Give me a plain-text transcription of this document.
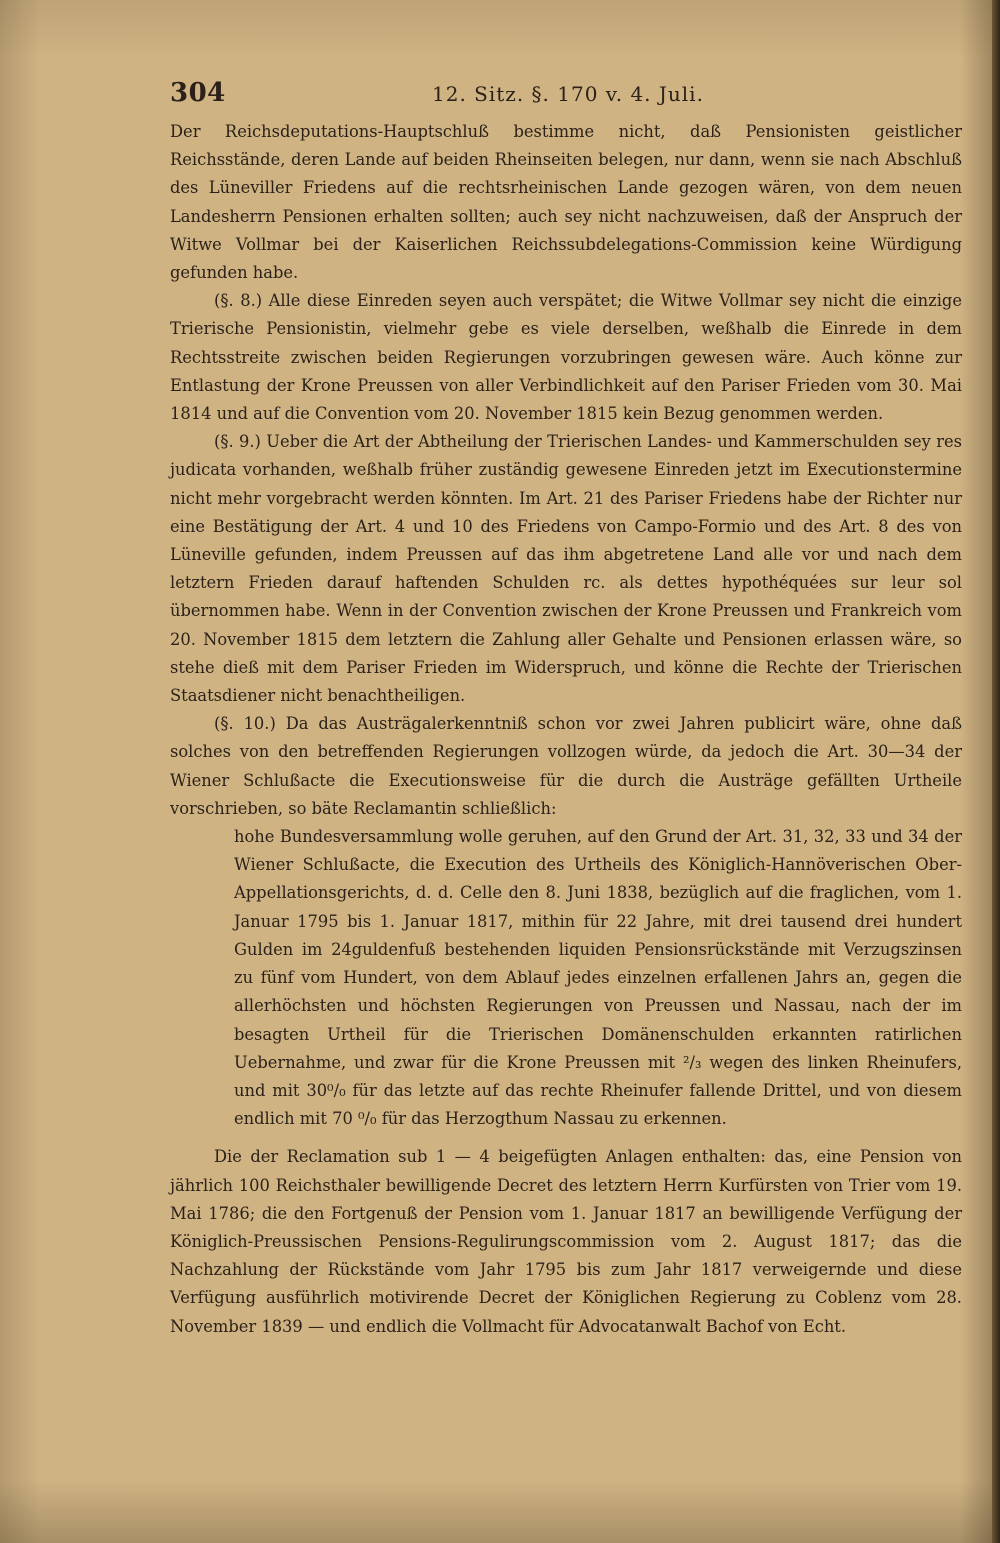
304	12. Sitz. §. 170 v. 4. Juli.

Der Reichsdeputations-Hauptschluß bestimme nicht, daß Pensionisten geistlicher Reichsstände, deren Lande auf beiden Rheinseiten belegen, nur dann, wenn sie nach Abschluß des Lüneviller Friedens auf die rechtsrheinischen Lande gezogen wären, von dem neuen Landesherrn Pensionen erhalten sollten; auch sey nicht nachzuweisen, daß der Anspruch der Witwe Vollmar bei der Kaiserlichen Reichssubdelegations-Commission keine Würdigung gefunden habe.

(§. 8.) Alle diese Einreden seyen auch verspätet; die Witwe Vollmar sey nicht die einzige Trierische Pensionistin, vielmehr gebe es viele derselben, weßhalb die Einrede in dem Rechtsstreite zwischen beiden Regierungen vorzubringen gewesen wäre. Auch könne zur Entlastung der Krone Preussen von aller Verbindlichkeit auf den Pariser Frieden vom 30. Mai 1814 und auf die Convention vom 20. November 1815 kein Bezug genommen werden.

(§. 9.) Ueber die Art der Abtheilung der Trierischen Landes- und Kammerschulden sey res judicata vorhanden, weßhalb früher zuständig gewesene Einreden jetzt im Executionstermine nicht mehr vorgebracht werden könnten. Im Art. 21 des Pariser Friedens habe der Richter nur eine Bestätigung der Art. 4 und 10 des Friedens von Campo-Formio und des Art. 8 des von Lüneville gefunden, indem Preussen auf das ihm abgetretene Land alle vor und nach dem letztern Frieden darauf haftenden Schulden rc. als dettes hypothéquées sur leur sol übernommen habe. Wenn in der Convention zwischen der Krone Preussen und Frankreich vom 20. November 1815 dem letztern die Zahlung aller Gehalte und Pensionen erlassen wäre, so stehe dieß mit dem Pariser Frieden im Widerspruch, und könne die Rechte der Trierischen Staatsdiener nicht benachtheiligen.

(§. 10.) Da das Austrägalerkenntniß schon vor zwei Jahren publicirt wäre, ohne daß solches von den betreffenden Regierungen vollzogen würde, da jedoch die Art. 30—34 der Wiener Schlußacte die Executionsweise für die durch die Austräge gefällten Urtheile vorschrieben, so bäte Reclamantin schließlich:

hohe Bundesversammlung wolle geruhen, auf den Grund der Art. 31, 32, 33 und 34 der Wiener Schlußacte, die Execution des Urtheils des Königlich-Hannöverischen Ober-Appellationsgerichts, d. d. Celle den 8. Juni 1838, bezüglich auf die fraglichen, vom 1. Januar 1795 bis 1. Januar 1817, mithin für 22 Jahre, mit drei tausend drei hundert Gulden im 24guldenfuß bestehenden liquiden Pensionsrückstände mit Verzugszinsen zu fünf vom Hundert, von dem Ablauf jedes einzelnen erfallenen Jahrs an, gegen die allerhöchsten und höchsten Regierungen von Preussen und Nassau, nach der im besagten Urtheil für die Trierischen Domänenschulden erkannten ratirlichen Uebernahme, und zwar für die Krone Preussen mit ²/₃ wegen des linken Rheinufers, und mit 30⁰/₀ für das letzte auf das rechte Rheinufer fallende Drittel, und von diesem endlich mit 70 ⁰/₀ für das Herzogthum Nassau zu erkennen.

Die der Reclamation sub 1 — 4 beigefügten Anlagen enthalten: das, eine Pension von jährlich 100 Reichsthaler bewilligende Decret des letztern Herrn Kurfürsten von Trier vom 19. Mai 1786; die den Fortgenuß der Pension vom 1. Januar 1817 an bewilligende Verfügung der Königlich-Preussischen Pensions-Regulirungscommission vom 2. August 1817; das die Nachzahlung der Rückstände vom Jahr 1795 bis zum Jahr 1817 verweigernde und diese Verfügung ausführlich motivirende Decret der Königlichen Regierung zu Coblenz vom 28. November 1839 — und endlich die Vollmacht für Advocatanwalt Bachof von Echt.
